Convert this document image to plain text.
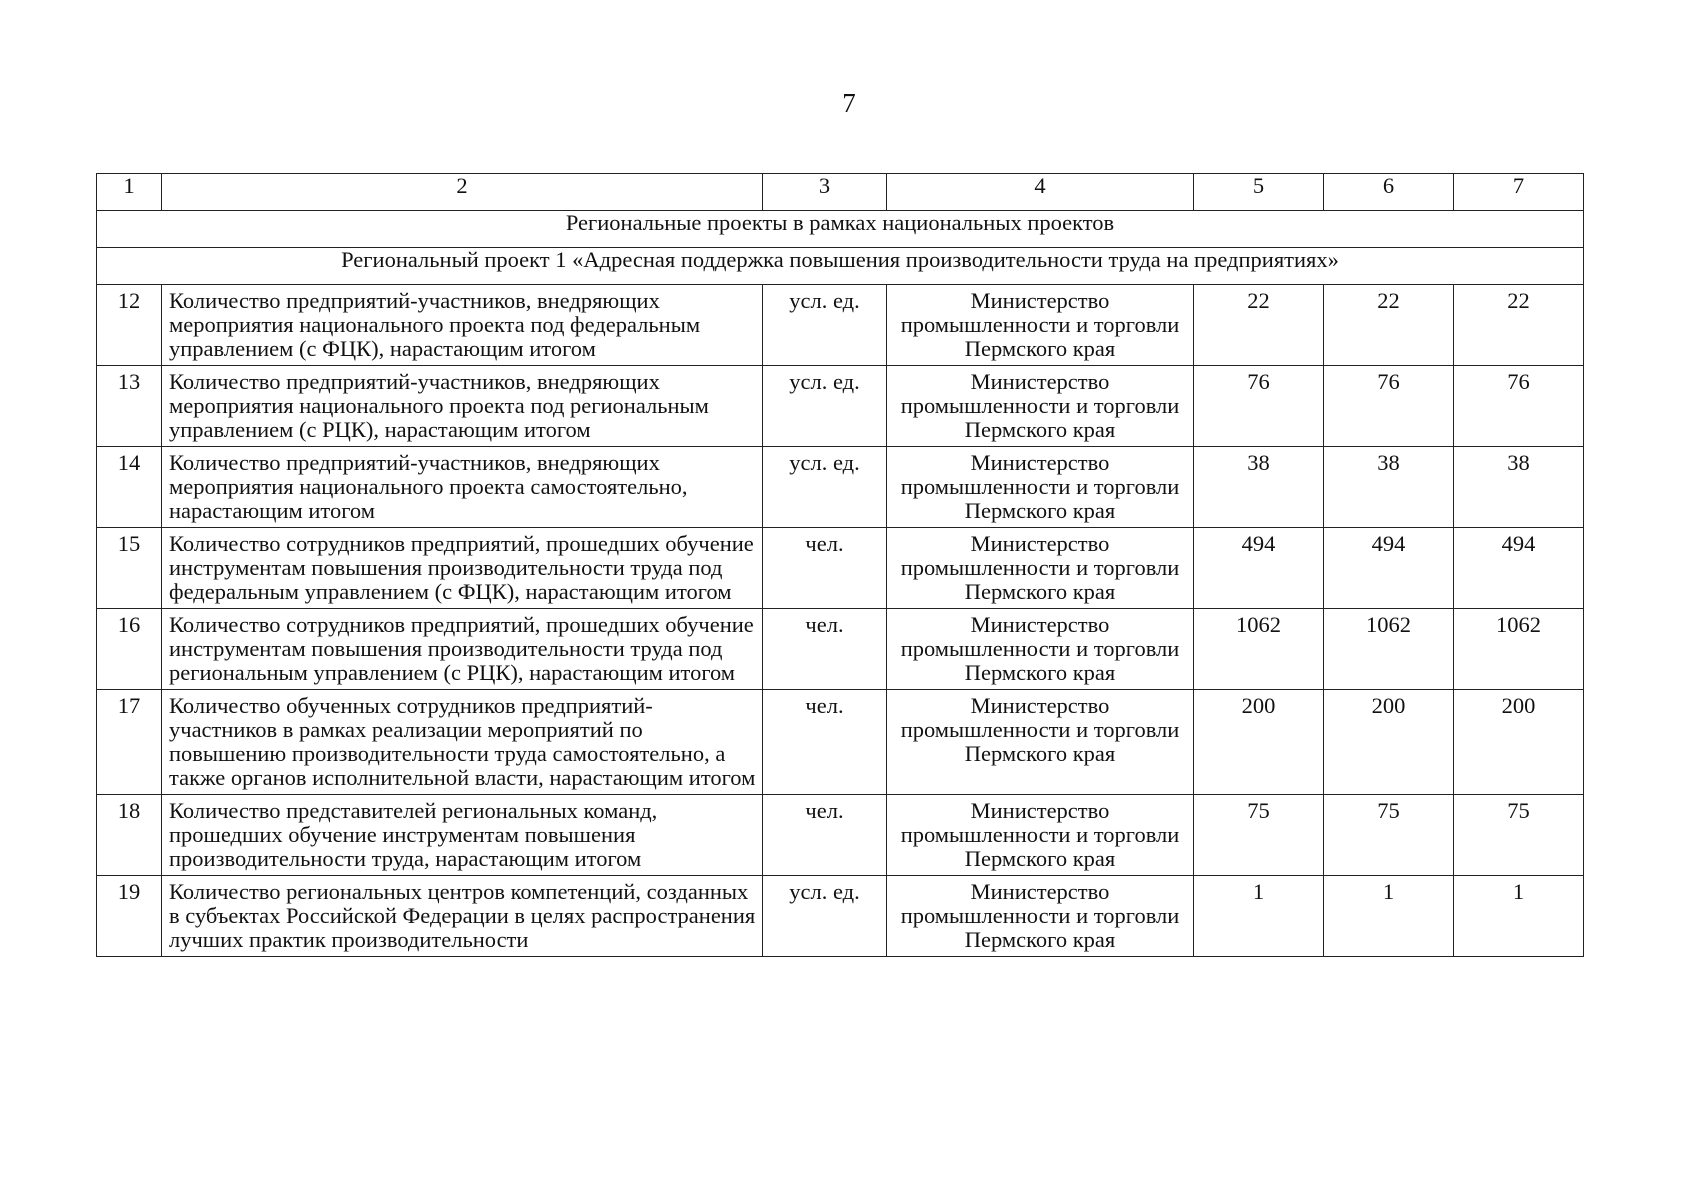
7
1	2	3	4	5	6	7
Региональные проекты в рамках национальных проектов						
Региональный проект 1 «Адресная поддержка повышения производительности труда на предприятиях»						
12	Количество предприятий-участников, внедряющих мероприятия национального проекта под федеральным управлением (с ФЦК), нарастающим итогом	усл. ед.	Министерство промышленности и торговли Пермского края	22	22	22
13	Количество предприятий-участников, внедряющих мероприятия национального проекта под региональным управлением (с РЦК), нарастающим итогом	усл. ед.	Министерство промышленности и торговли Пермского края	76	76	76
14	Количество предприятий-участников, внедряющих мероприятия национального проекта самостоятельно, нарастающим итогом	усл. ед.	Министерство промышленности и торговли Пермского края	38	38	38
15	Количество сотрудников предприятий, прошедших обучение инструментам повышения производительности труда под федеральным управлением (с ФЦК), нарастающим итогом	чел.	Министерство промышленности и торговли Пермского края	494	494	494
16	Количество сотрудников предприятий, прошедших обучение инструментам повышения производительности труда под региональным управлением (с РЦК), нарастающим итогом	чел.	Министерство промышленности и торговли Пермского края	1062	1062	1062
17	Количество обученных сотрудников предприятий-участников в рамках реализации мероприятий по повышению производительности труда самостоятельно, а также органов исполнительной власти, нарастающим итогом	чел.	Министерство промышленности и торговли Пермского края	200	200	200
18	Количество представителей региональных команд, прошедших обучение инструментам повышения производительности труда, нарастающим итогом	чел.	Министерство промышленности и торговли Пермского края	75	75	75
19	Количество региональных центров компетенций, созданных в субъектах Российской Федерации в целях распространения лучших практик производительности	усл. ед.	Министерство промышленности и торговли Пермского края	1	1	1
